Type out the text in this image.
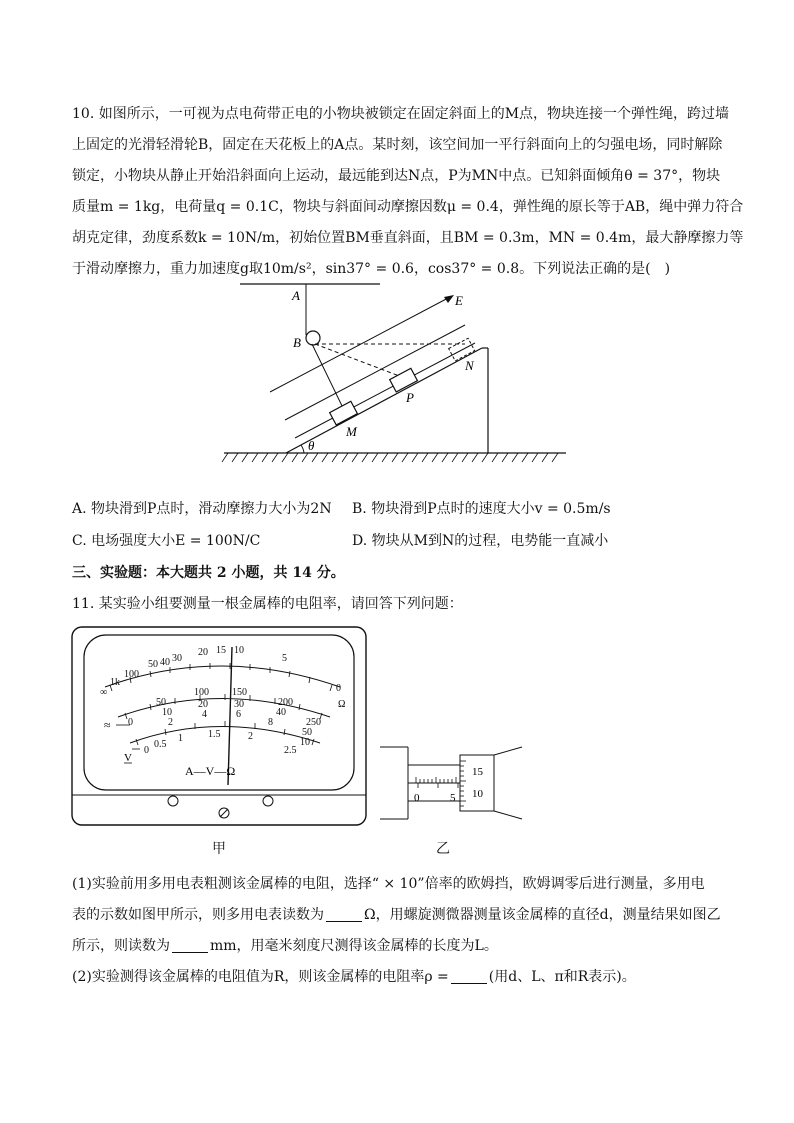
10. 如图所示，一可视为点电荷带正电的小物块被锁定在固定斜面上的M点，物块连接一个弹性绳，跨过墙
上固定的光滑轻滑轮B，固定在天花板上的A点。某时刻，该空间加一平行斜面向上的匀强电场，同时解除
锁定，小物块从静止开始沿斜面向上运动，最远能到达N点，P为MN中点。已知斜面倾角θ = 37°，物块
质量m = 1kg，电荷量q = 0.1C，物块与斜面间动摩擦因数μ = 0.4，弹性绳的原长等于AB，绳中弹力符合
胡克定律，劲度系数k = 10N/m，初始位置BM垂直斜面，且BM = 0.3m，MN = 0.4m，最大静摩擦力等
于滑动摩擦力，重力加速度g取10m/s²，sin37° = 0.6，cos37° = 0.8。下列说法正确的是(　)
θ
E
A
B
M
P
N
A. 物块滑到P点时，滑动摩擦力大小为2N B. 物块滑到P点时的速度大小v = 0.5m/s
C. 电场强度大小E = 100N/C	D. 物块从M到N的过程，电势能一直减小
三、实验题：本大题共 2 小题，共 14 分。
11. 某实验小组要测量一根金属棒的电阻率，请回答下列问题：
∞
1k
100
50 40 30
20 15 10
5
0
Ω
0
50
100 150
200
250
10
20	30
40
50
2
4	6
8
10
0
0.5
1	1.5	2
2.5
≈
V
A—V—Ω
甲
0	5
15
10
乙
(1)实验前用多用电表粗测该金属棒的电阻，选择“ × 10”倍率的欧姆挡，欧姆调零后进行测量，多用电
表的示数如图甲所示，则多用电表读数为	Ω，用螺旋测微器测量该金属棒的直径d，测量结果如图乙
所示，则读数为	mm，用毫米刻度尺测得该金属棒的长度为L。
(2)实验测得该金属棒的电阻值为R，则该金属棒的电阻率ρ =	(用d、L、π和R表示)。
